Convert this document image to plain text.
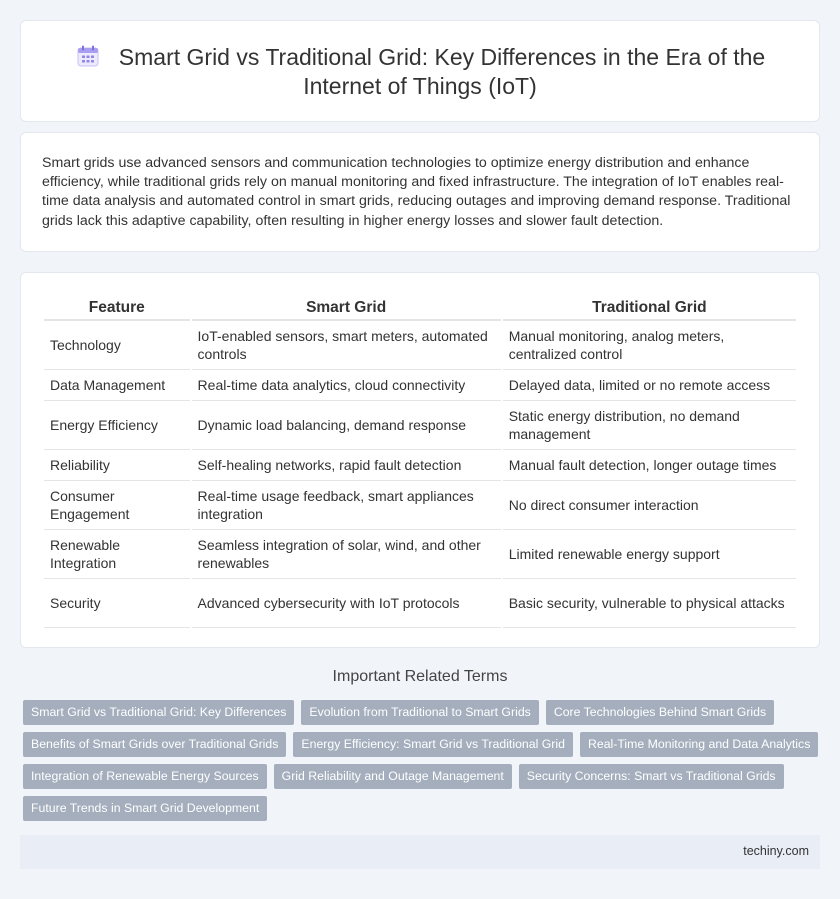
Smart Grid vs Traditional Grid: Key Differences in the Era of the Internet of Things (IoT)

Smart grids use advanced sensors and communication technologies to optimize energy distribution and enhance efficiency, while traditional grids rely on manual monitoring and fixed infrastructure. The integration of IoT enables real-time data analysis and automated control in smart grids, reducing outages and improving demand response. Traditional grids lack this adaptive capability, often resulting in higher energy losses and slower fault detection.

Feature	Smart Grid	Traditional Grid
Technology	IoT-enabled sensors, smart meters, automated controls	Manual monitoring, analog meters, centralized control
Data Management	Real-time data analytics, cloud connectivity	Delayed data, limited or no remote access
Energy Efficiency	Dynamic load balancing, demand response	Static energy distribution, no demand management
Reliability	Self-healing networks, rapid fault detection	Manual fault detection, longer outage times
Consumer Engagement	Real-time usage feedback, smart appliances integration	No direct consumer interaction
Renewable Integration	Seamless integration of solar, wind, and other renewables	Limited renewable energy support
Security	Advanced cybersecurity with IoT protocols	Basic security, vulnerable to physical attacks
Important Related Terms
Smart Grid vs Traditional Grid: Key Differences	Evolution from Traditional to Smart Grids	Core Technologies Behind Smart Grids
Benefits of Smart Grids over Traditional Grids	Energy Efficiency: Smart Grid vs Traditional Grid	Real-Time Monitoring and Data Analytics
Integration of Renewable Energy Sources	Grid Reliability and Outage Management	Security Concerns: Smart vs Traditional Grids
Future Trends in Smart Grid Development
techiny.com
